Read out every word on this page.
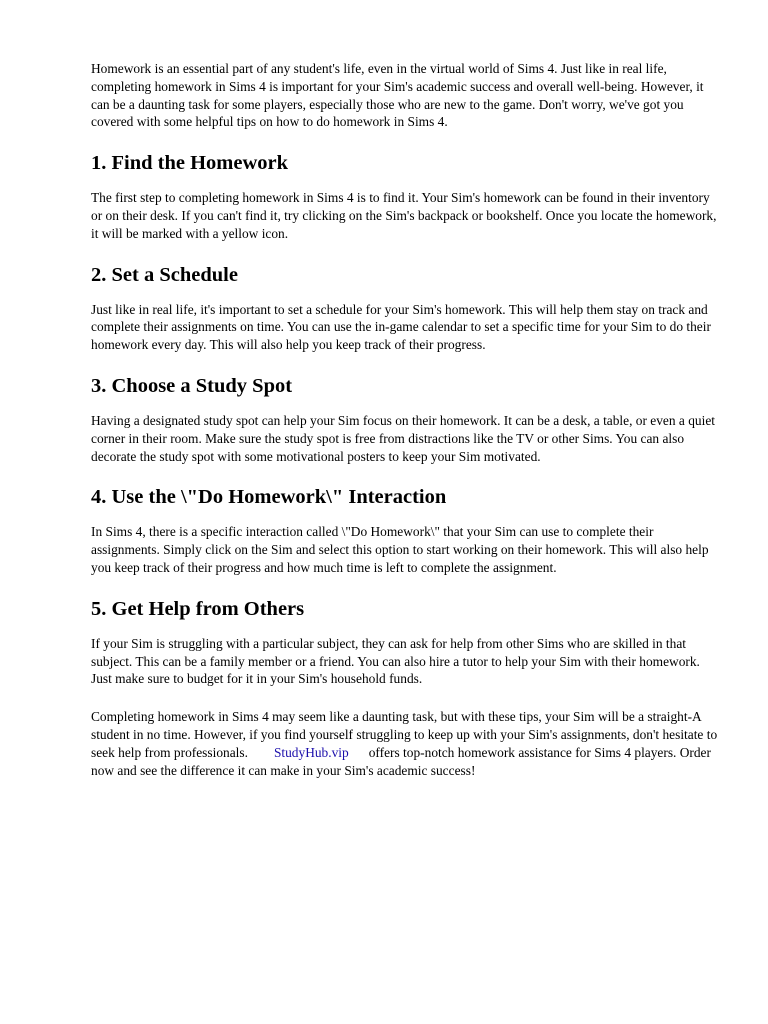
Homework is an essential part of any student's life, even in the virtual world of Sims 4. Just like in real life, completing homework in Sims 4 is important for your Sim's academic success and overall well-being. However, it can be a daunting task for some players, especially those who are new to the game. Don't worry, we've got you covered with some helpful tips on how to do homework in Sims 4.

1. Find the Homework

The first step to completing homework in Sims 4 is to find it. Your Sim's homework can be found in their inventory or on their desk. If you can't find it, try clicking on the Sim's backpack or bookshelf. Once you locate the homework, it will be marked with a yellow icon.

2. Set a Schedule

Just like in real life, it's important to set a schedule for your Sim's homework. This will help them stay on track and complete their assignments on time. You can use the in-game calendar to set a specific time for your Sim to do their homework every day. This will also help you keep track of their progress.

3. Choose a Study Spot

Having a designated study spot can help your Sim focus on their homework. It can be a desk, a table, or even a quiet corner in their room. Make sure the study spot is free from distractions like the TV or other Sims. You can also decorate the study spot with some motivational posters to keep your Sim motivated.

4. Use the \"Do Homework\" Interaction

In Sims 4, there is a specific interaction called \"Do Homework\" that your Sim can use to complete their assignments. Simply click on the Sim and select this option to start working on their homework. This will also help you keep track of their progress and how much time is left to complete the assignment.

5. Get Help from Others

If your Sim is struggling with a particular subject, they can ask for help from other Sims who are skilled in that subject. This can be a family member or a friend. You can also hire a tutor to help your Sim with their homework. Just make sure to budget for it in your Sim's household funds.

Completing homework in Sims 4 may seem like a daunting task, but with these tips, your Sim will be a straight-A student in no time. However, if you find yourself struggling to keep up with your Sim's assignments, don't hesitate to seek help from professionals. StudyHub.vip offers top-notch homework assistance for Sims 4 players. Order now and see the difference it can make in your Sim's academic success!
